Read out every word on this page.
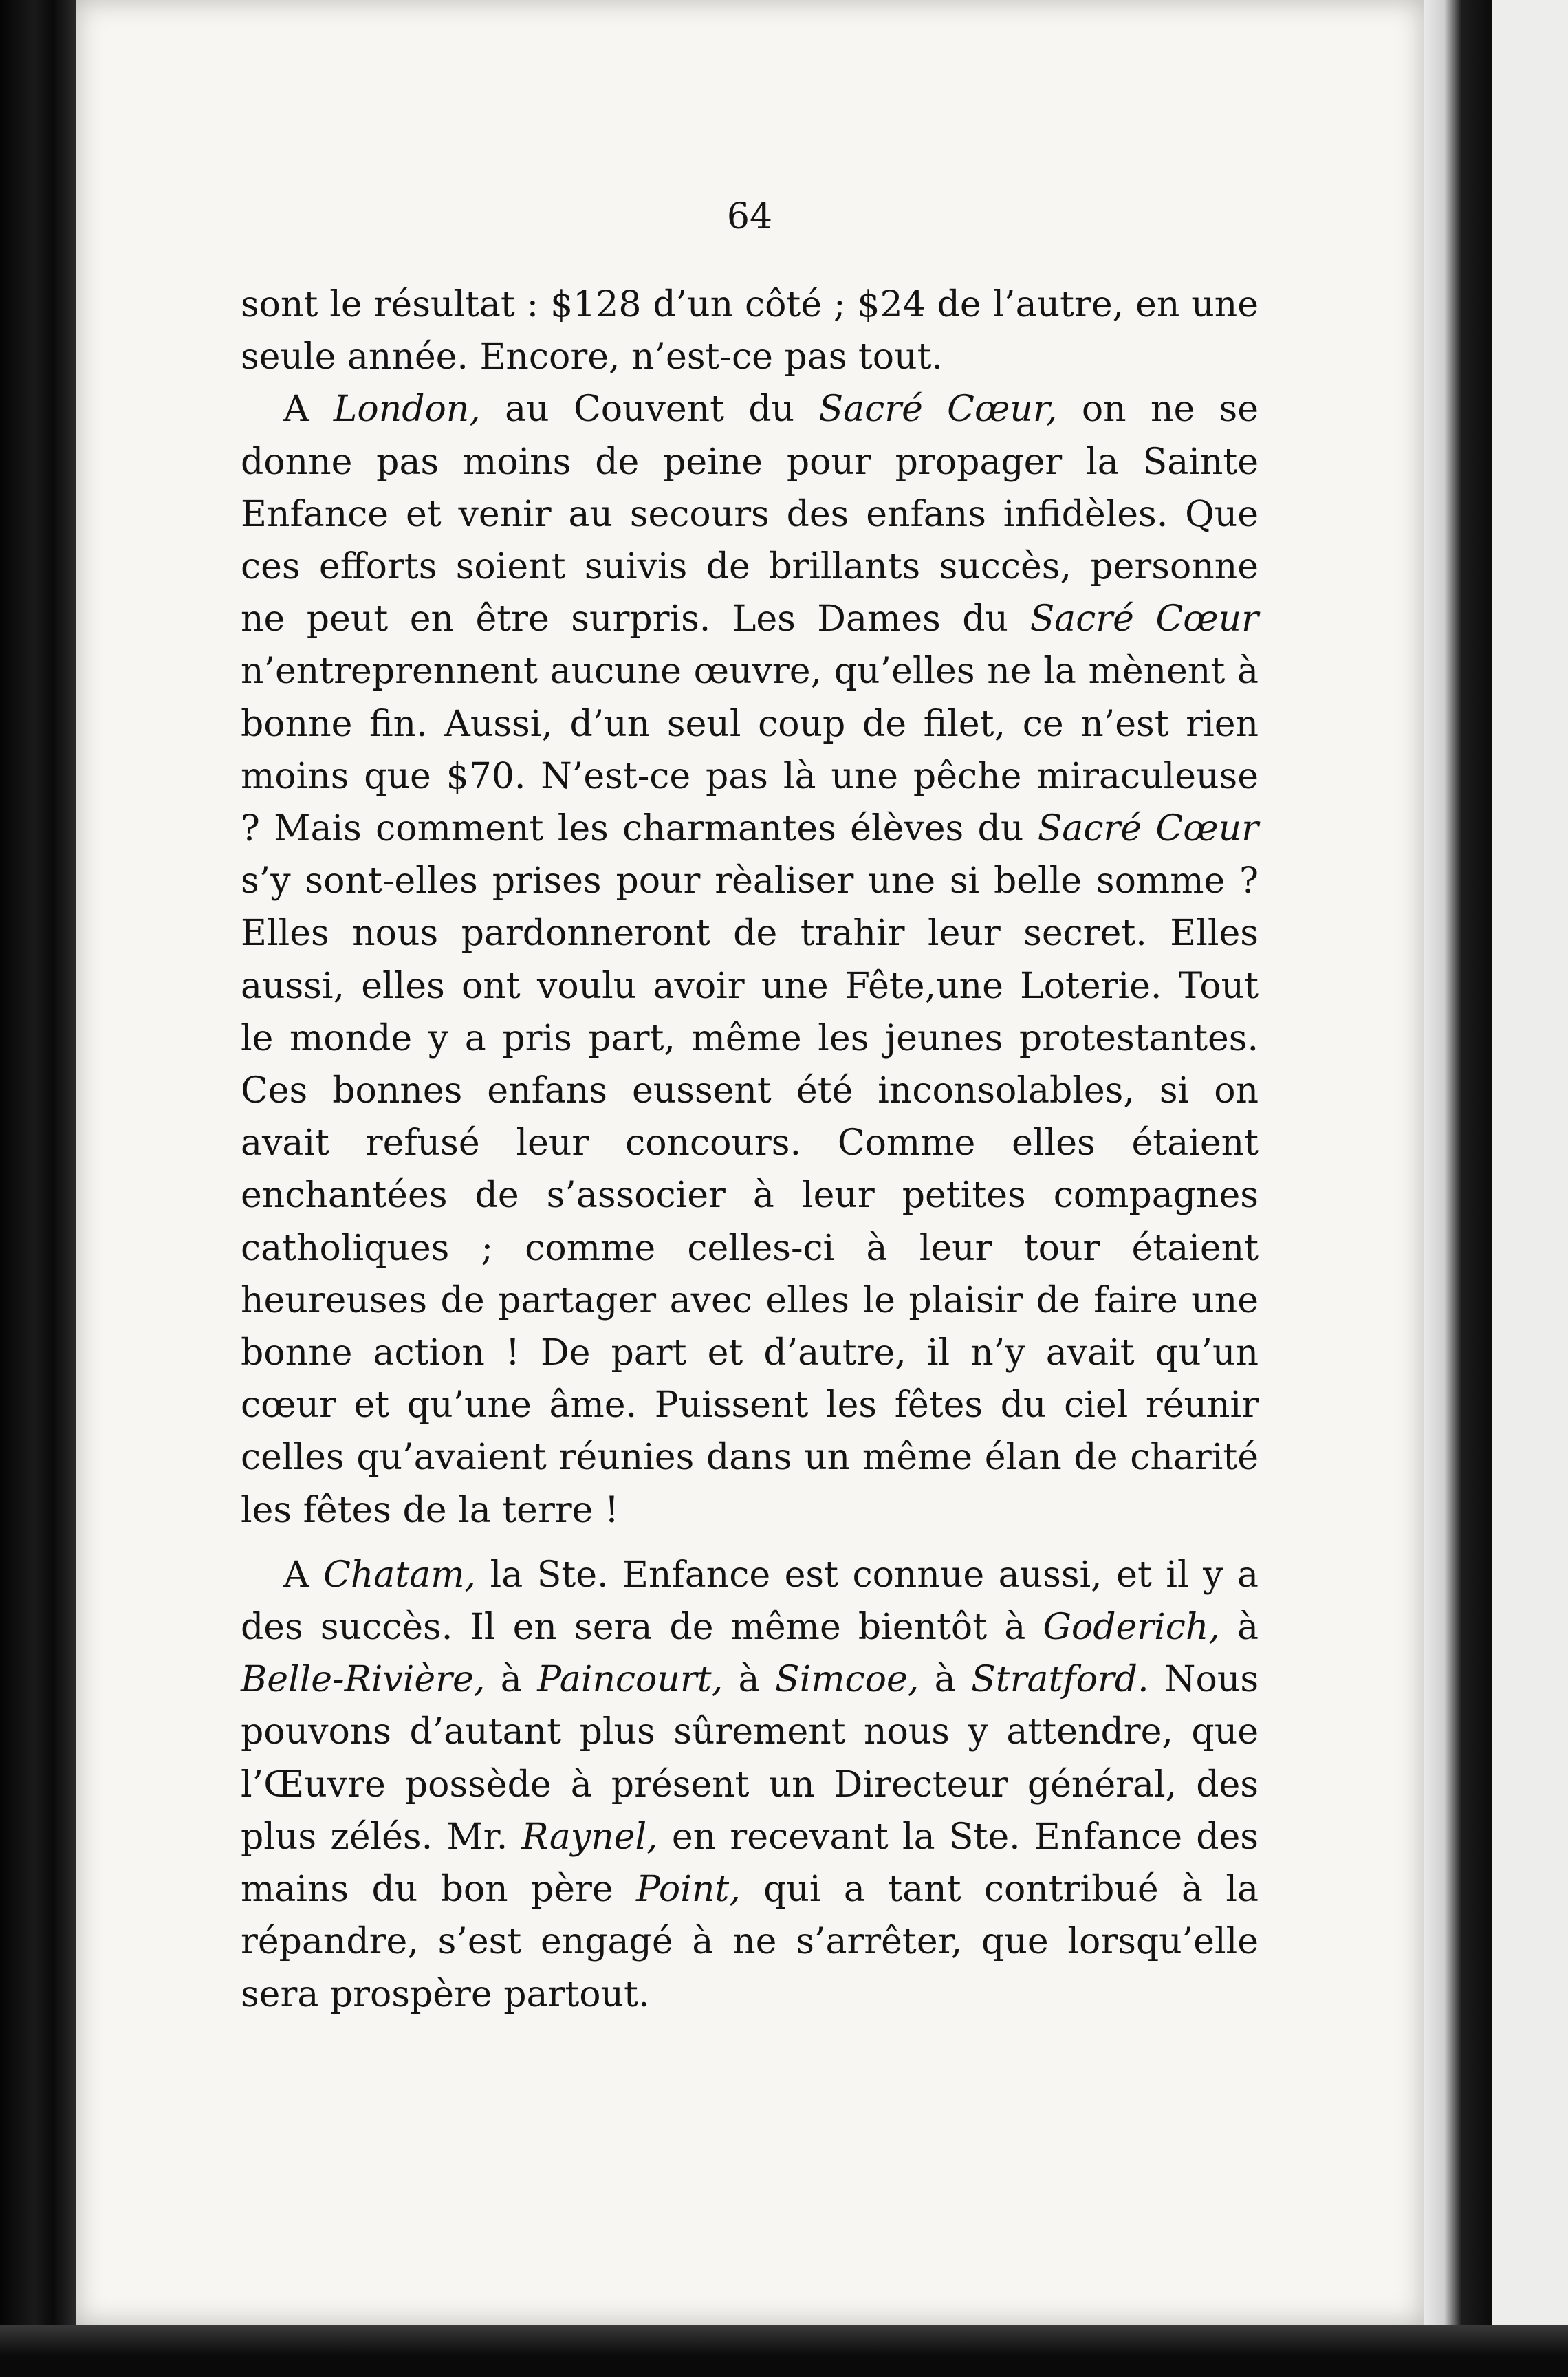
64

sont le résultat : $128 d’un côté ; $24 de l’autre, en une seule année. Encore, n’est-ce pas tout.

A London, au Couvent du Sacré Cœur, on ne se donne pas moins de peine pour propager la Sainte Enfance et venir au secours des enfans infidèles. Que ces efforts soient suivis de brillants succès, personne ne peut en être surpris. Les Dames du Sacré Cœur n’entreprennent aucune œuvre, qu’elles ne la mènent à bonne fin. Aussi, d’un seul coup de filet, ce n’est rien moins que $70. N’est-ce pas là une pêche miraculeuse ? Mais comment les charmantes élèves du Sacré Cœur s’y sont-elles prises pour rèaliser une si belle somme ? Elles nous pardonneront de trahir leur secret. Elles aussi, elles ont voulu avoir une Fête,une Loterie. Tout le monde y a pris part, même les jeunes protestantes. Ces bonnes enfans eussent été inconsolables, si on avait refusé leur concours. Comme elles étaient enchantées de s’associer à leur petites compagnes catholiques ; comme celles-ci à leur tour étaient heureuses de partager avec elles le plaisir de faire une bonne action ! De part et d’autre, il n’y avait qu’un cœur et qu’une âme. Puissent les fêtes du ciel réunir celles qu’avaient réunies dans un même élan de charité les fêtes de la terre !

A Chatam, la Ste. Enfance est connue aussi, et il y a des succès. Il en sera de même bientôt à Goderich, à Belle-Rivière, à Paincourt, à Simcoe, à Stratford. Nous pouvons d’autant plus sûrement nous y attendre, que l’Œuvre possède à présent un Directeur général, des plus zélés. Mr. Raynel, en recevant la Ste. Enfance des mains du bon père Point, qui a tant contribué à la répandre, s’est engagé à ne s’arrêter, que lorsqu’elle sera prospère partout.
